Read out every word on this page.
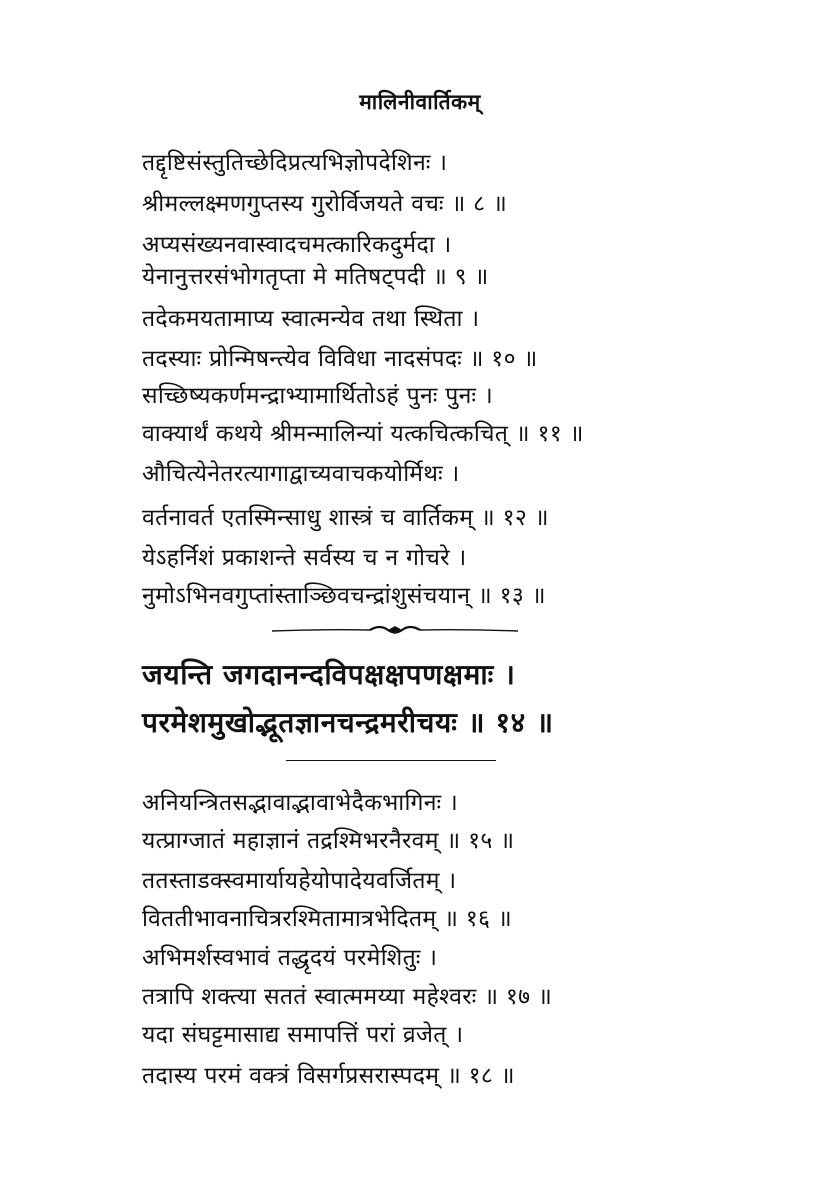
मालिनीवार्तिकम्
तद्दृष्टिसंस्तुतिच्छेदिप्रत्यभिज्ञोपदेशिनः ।
श्रीमल्लक्ष्मणगुप्तस्य गुरोर्विजयते वचः ॥ ८ ॥
अप्यसंख्यनवास्वादचमत्कारिकदुर्मदा ।
येनानुत्तरसंभोगतृप्ता मे मतिषट्पदी ॥ ९ ॥
तदेकमयतामाप्य स्वात्मन्येव तथा स्थिता ।
तदस्याः प्रोन्मिषन्त्येव विविधा नादसंपदः ॥ १० ॥
सच्छिष्यकर्णमन्द्राभ्यामार्थितोऽहं पुनः पुनः ।
वाक्यार्थं कथये श्रीमन्मालिन्यां यत्कचित्कचित् ॥ ११ ॥
औचित्येनेतरत्यागाद्वाच्यवाचकयोर्मिथः ।
वर्तनावर्त एतस्मिन्साधु शास्त्रं च वार्तिकम् ॥ १२ ॥
येऽहर्निशं प्रकाशन्ते सर्वस्य च न गोचरे ।
नुमोऽभिनवगुप्तांस्ताञ्छिवचन्द्रांशुसंचयान् ॥ १३ ॥
जयन्ति जगदानन्दविपक्षक्षपणक्षमाः ।
परमेशमुखोद्भूतज्ञानचन्द्रमरीचयः ॥ १४ ॥
अनियन्त्रितसद्भावाद्भावाभेदैकभागिनः ।
यत्प्राग्जातं महाज्ञानं तद्रश्मिभरनैरवम् ॥ १५ ॥
ततस्ताडक्स्वमार्यायहेयोपादेयवर्जितम् ।
विततीभावनाचित्ररश्मितामात्रभेदितम् ॥ १६ ॥
अभिमर्शस्वभावं तद्धृदयं परमेशितुः ।
तत्रापि शक्त्या सततं स्वात्ममय्या महेश्वरः ॥ १७ ॥
यदा संघट्टमासाद्य समापत्तिं परां व्रजेत् ।
तदास्य परमं वक्त्रं विसर्गप्रसरास्पदम् ॥ १८ ॥
